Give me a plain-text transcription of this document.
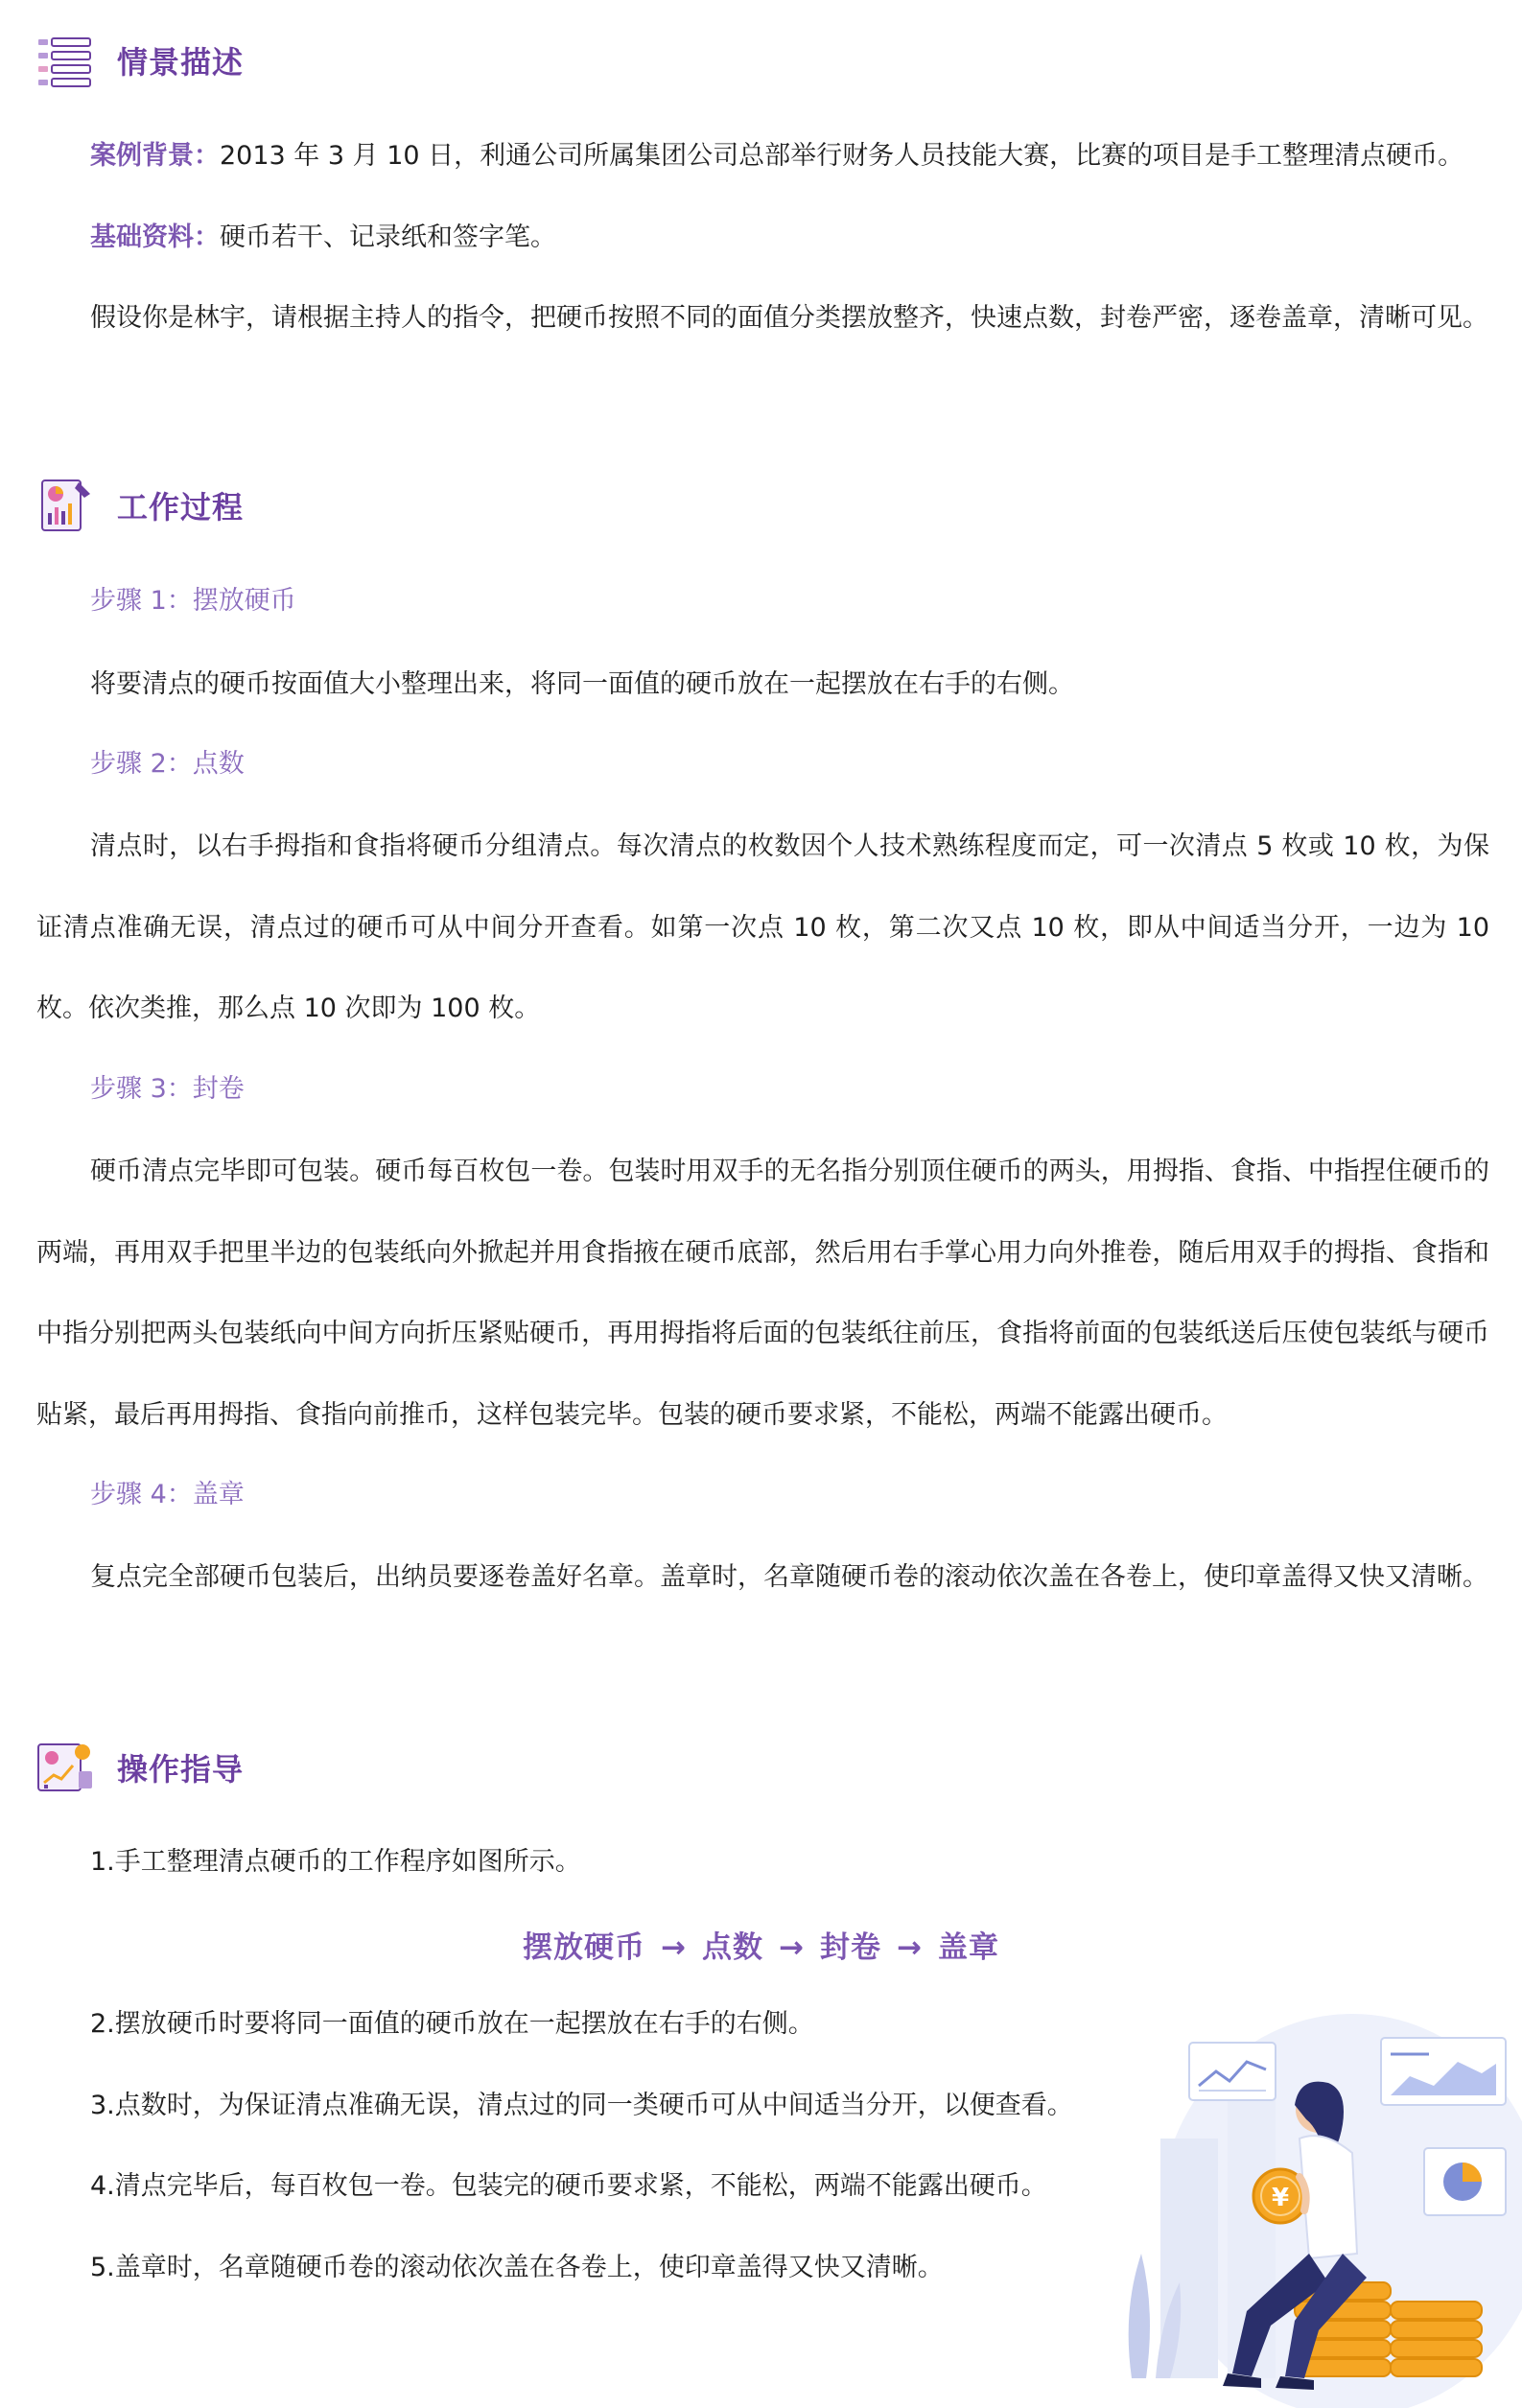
情景描述

案例背景：2013 年 3 月 10 日，利通公司所属集团公司总部举行财务人员技能大赛，比赛的项目是手工整理清点硬币。

基础资料：硬币若干、记录纸和签字笔。

假设你是林宇，请根据主持人的指令，把硬币按照不同的面值分类摆放整齐，快速点数，封卷严密，逐卷盖章，清晰可见。

工作过程
步骤 1：摆放硬币

将要清点的硬币按面值大小整理出来，将同一面值的硬币放在一起摆放在右手的右侧。

步骤 2：点数

清点时，以右手拇指和食指将硬币分组清点。每次清点的枚数因个人技术熟练程度而定，可一次清点 5 枚或 10 枚，为保证清点准确无误，清点过的硬币可从中间分开查看。如第一次点 10 枚，第二次又点 10 枚，即从中间适当分开，一边为 10 枚。依次类推，那么点 10 次即为 100 枚。

步骤 3：封卷

硬币清点完毕即可包装。硬币每百枚包一卷。包装时用双手的无名指分别顶住硬币的两头，用拇指、食指、中指捏住硬币的两端，再用双手把里半边的包装纸向外掀起并用食指掖在硬币底部，然后用右手掌心用力向外推卷，随后用双手的拇指、食指和中指分别把两头包装纸向中间方向折压紧贴硬币，再用拇指将后面的包装纸往前压，食指将前面的包装纸送后压使包装纸与硬币贴紧，最后再用拇指、食指向前推币，这样包装完毕。包装的硬币要求紧，不能松，两端不能露出硬币。

步骤 4：盖章

复点完全部硬币包装后，出纳员要逐卷盖好名章。盖章时，名章随硬币卷的滚动依次盖在各卷上，使印章盖得又快又清晰。

操作指导
1.手工整理清点硬币的工作程序如图所示。
摆放硬币 → 点数 → 封卷 → 盖章
2.摆放硬币时要将同一面值的硬币放在一起摆放在右手的右侧。
3.点数时，为保证清点准确无误，清点过的同一类硬币可从中间适当分开，以便查看。
4.清点完毕后，每百枚包一卷。包装完的硬币要求紧，不能松，两端不能露出硬币。
5.盖章时，名章随硬币卷的滚动依次盖在各卷上，使印章盖得又快又清晰。
¥
